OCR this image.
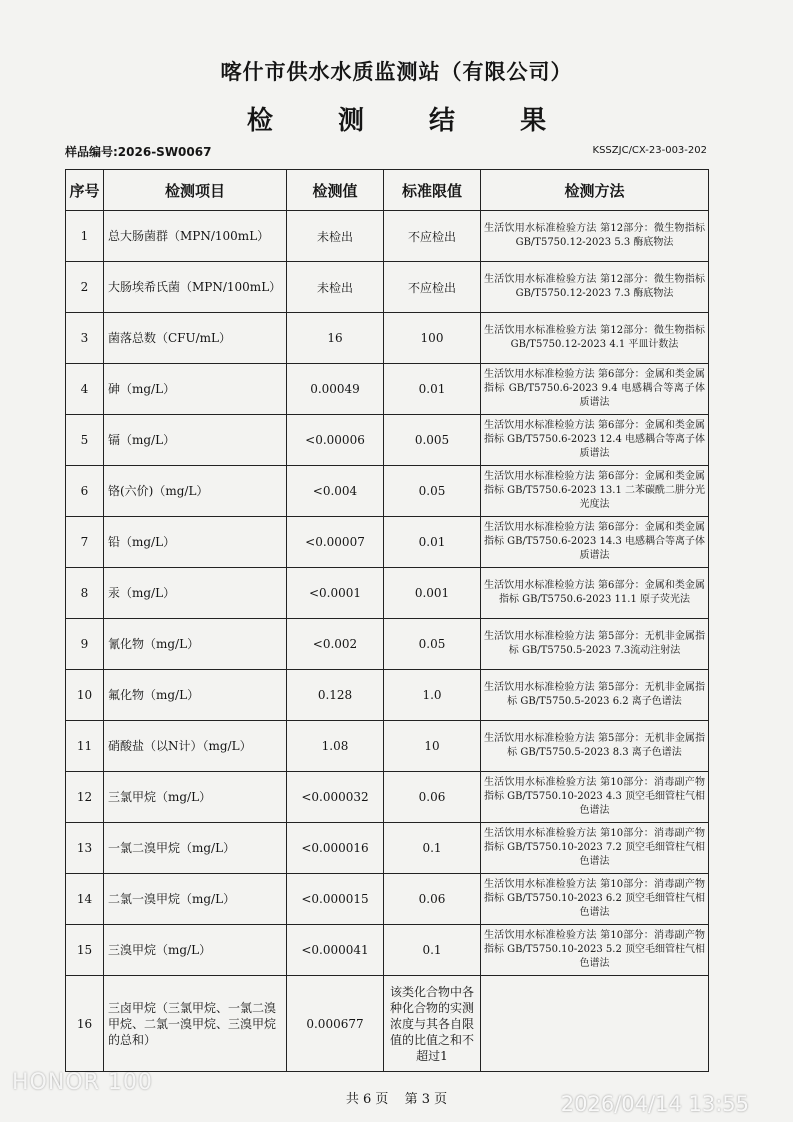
喀什市供水水质监测站（有限公司）
检 测 结 果
样品编号:2026-SW0067	KSSZJC/CX-23-003-202
序号	检测项目	检测值	标准限值	检测方法
1	总大肠菌群（MPN/100mL）	未检出	不应检出	生活饮用水标准检验方法 第12部分：微生物指标 GB/T5750.12-2023 5.3 酶底物法
2	大肠埃希氏菌（MPN/100mL）	未检出	不应检出	生活饮用水标准检验方法 第12部分：微生物指标 GB/T5750.12-2023 7.3 酶底物法
3	菌落总数（CFU/mL）	16	100	生活饮用水标准检验方法 第12部分：微生物指标GB/T5750.12-2023 4.1 平皿计数法
4	砷（mg/L）	0.00049	0.01	生活饮用水标准检验方法 第6部分：金属和类金属指标 GB/T5750.6-2023 9.4 电感耦合等离子体质谱法
5	镉（mg/L）	<0.00006	0.005	生活饮用水标准检验方法 第6部分：金属和类金属指标 GB/T5750.6-2023 12.4 电感耦合等离子体质谱法
6	铬(六价)（mg/L）	<0.004	0.05	生活饮用水标准检验方法 第6部分：金属和类金属指标 GB/T5750.6-2023 13.1 二苯碳酰二肼分光光度法
7	铅（mg/L）	<0.00007	0.01	生活饮用水标准检验方法 第6部分：金属和类金属指标 GB/T5750.6-2023 14.3 电感耦合等离子体质谱法
8	汞（mg/L）	<0.0001	0.001	生活饮用水标准检验方法 第6部分：金属和类金属指标 GB/T5750.6-2023 11.1 原子荧光法
9	氰化物（mg/L）	<0.002	0.05	生活饮用水标准检验方法 第5部分：无机非金属指标 GB/T5750.5-2023 7.3流动注射法
10	氟化物（mg/L）	0.128	1.0	生活饮用水标准检验方法 第5部分：无机非金属指标 GB/T5750.5-2023 6.2 离子色谱法
11	硝酸盐（以N计）（mg/L）	1.08	10	生活饮用水标准检验方法 第5部分：无机非金属指标 GB/T5750.5-2023 8.3 离子色谱法
12	三氯甲烷（mg/L）	<0.000032	0.06	生活饮用水标准检验方法 第10部分：消毒副产物指标 GB/T5750.10-2023 4.3 顶空毛细管柱气相色谱法
13	一氯二溴甲烷（mg/L）	<0.000016	0.1	生活饮用水标准检验方法 第10部分：消毒副产物指标 GB/T5750.10-2023 7.2 顶空毛细管柱气相色谱法
14	二氯一溴甲烷（mg/L）	<0.000015	0.06	生活饮用水标准检验方法 第10部分：消毒副产物指标 GB/T5750.10-2023 6.2 顶空毛细管柱气相色谱法
15	三溴甲烷（mg/L）	<0.000041	0.1	生活饮用水标准检验方法 第10部分：消毒副产物指标 GB/T5750.10-2023 5.2 顶空毛细管柱气相色谱法
16	三卤甲烷（三氯甲烷、一氯二溴甲烷、二氯一溴甲烷、三溴甲烷的总和）	0.000677	该类化合物中各种化合物的实测浓度与其各自限值的比值之和不超过1	
共 6 页 第 3 页
HONOR 100
2026/04/14 13:55
